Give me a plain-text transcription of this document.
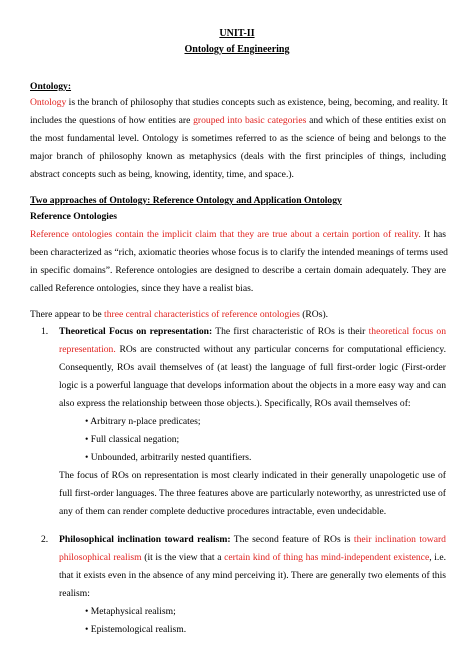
UNIT-II
Ontology of Engineering
Ontology:
Ontology is the branch of philosophy that studies concepts such as existence, being, becoming, and reality. It
includes the questions of how entities are grouped into basic categories and which of these entities exist on
the most fundamental level. Ontology is sometimes referred to as the science of being and belongs to the
major branch of philosophy known as metaphysics (deals with the first principles of things, including
abstract concepts such as being, knowing, identity, time, and space.).
Two approaches of Ontology: Reference Ontology and Application Ontology
Reference Ontologies
Reference ontologies contain the implicit claim that they are true about a certain portion of reality. It has
been characterized as “rich, axiomatic theories whose focus is to clarify the intended meanings of terms used
in specific domains”. Reference ontologies are designed to describe a certain domain adequately. They are
called Reference ontologies, since they have a realist bias.
There appear to be three central characteristics of reference ontologies (ROs).
1. Theoretical Focus on representation: The first characteristic of ROs is their theoretical focus on
representation. ROs are constructed without any particular concerns for computational efficiency.
Consequently, ROs avail themselves of (at least) the language of full first-order logic (First-order
logic is a powerful language that develops information about the objects in a more easy way and can
also express the relationship between those objects.). Specifically, ROs avail themselves of:
• Arbitrary n-place predicates;
• Full classical negation;
• Unbounded, arbitrarily nested quantifiers.
The focus of ROs on representation is most clearly indicated in their generally unapologetic use of
full first-order languages. The three features above are particularly noteworthy, as unrestricted use of
any of them can render complete deductive procedures intractable, even undecidable.
2. Philosophical inclination toward realism: The second feature of ROs is their inclination toward
philosophical realism (it is the view that a certain kind of thing has mind-independent existence, i.e.
that it exists even in the absence of any mind perceiving it). There are generally two elements of this
realism:
• Metaphysical realism;
• Epistemological realism.
